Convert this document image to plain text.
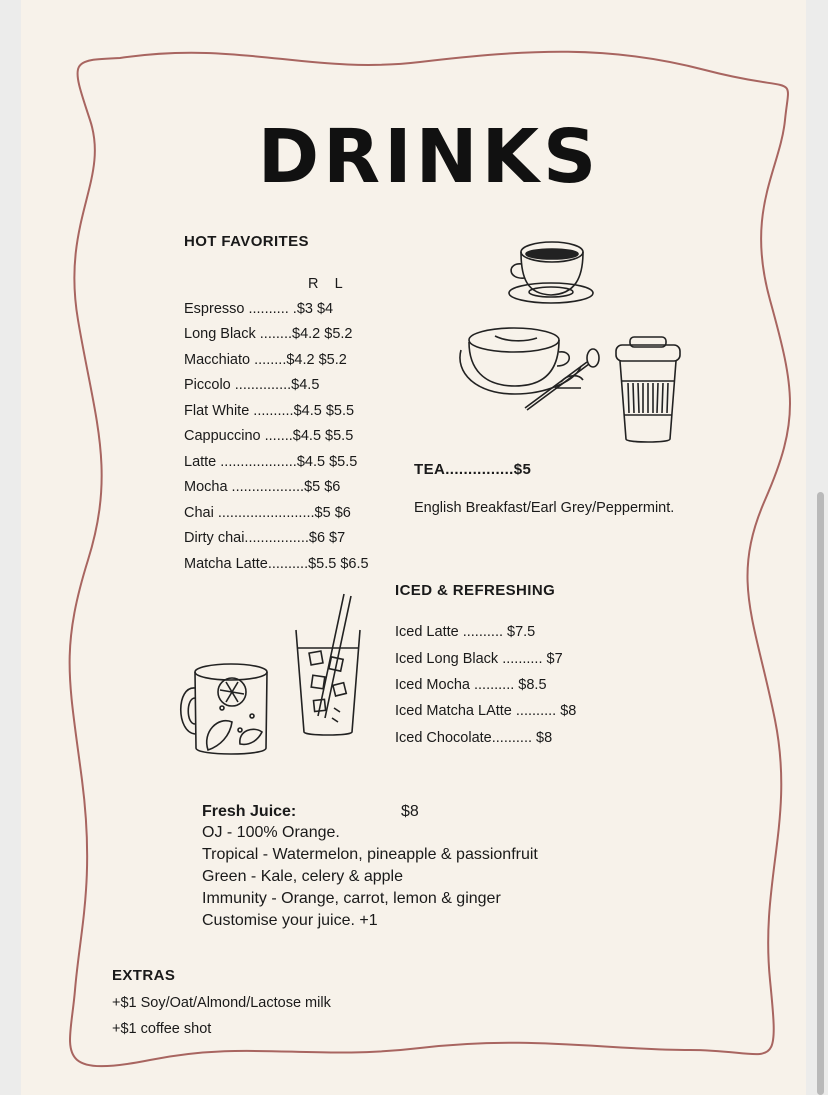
DRINKS
HOT FAVORITES
R    L
Espresso .......... .$3 $4
Long Black ........$4.2 $5.2
Macchiato ........$4.2 $5.2
Piccolo ..............$4.5
Flat White ..........$4.5 $5.5
Cappuccino .......$4.5 $5.5
Latte ...................$4.5 $5.5
Mocha ..................$5 $6
Chai ........................$5 $6
Dirty chai................$6 $7
Matcha Latte..........$5.5 $6.5
TEA...............$5
English Breakfast/Earl Grey/Peppermint.
ICED & REFRESHING
Iced Latte .......... $7.5
Iced Long Black .......... $7
Iced Mocha .......... $8.5
Iced Matcha LAtte .......... $8
Iced Chocolate.......... $8
Fresh Juice:	$8
OJ - 100% Orange.
Tropical - Watermelon, pineapple & passionfruit
Green - Kale, celery & apple
Immunity - Orange, carrot, lemon & ginger
Customise your juice. +1
EXTRAS
+$1 Soy/Oat/Almond/Lactose milk
+$1 coffee shot
